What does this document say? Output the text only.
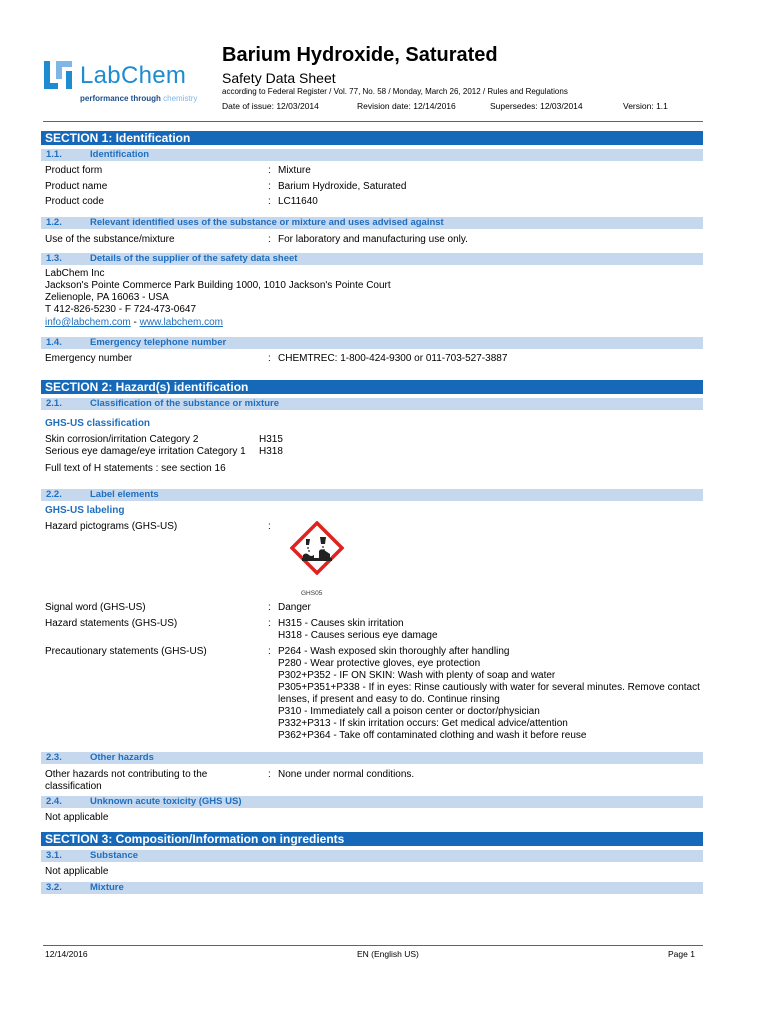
LabChem
performance through chemistry
Barium Hydroxide, Saturated
Safety Data Sheet
according to Federal Register / Vol. 77, No. 58 / Monday, March 26, 2012 / Rules and Regulations
Date of issue: 12/03/2014	Revision date: 12/14/2016	Supersedes: 12/03/2014	Version: 1.1
SECTION 1: Identification
1.1.	Identification
Product form	: Mixture
Product name	: Barium Hydroxide, Saturated
Product code	: LC11640
1.2.	Relevant identified uses of the substance or mixture and uses advised against
Use of the substance/mixture	: For laboratory and manufacturing use only.
1.3.	Details of the supplier of the safety data sheet
LabChem Inc
Jackson's Pointe Commerce Park Building 1000, 1010 Jackson's Pointe Court
Zelienople, PA 16063 - USA
T 412-826-5230 - F 724-473-0647
info@labchem.com - www.labchem.com
1.4.	Emergency telephone number
Emergency number	: CHEMTREC: 1-800-424-9300 or 011-703-527-3887
SECTION 2: Hazard(s) identification
2.1.	Classification of the substance or mixture
GHS-US classification
Skin corrosion/irritation Category 2	H315
Serious eye damage/eye irritation Category 1 H318
Full text of H statements : see section 16
2.2.	Label elements
GHS-US labeling
Hazard pictograms (GHS-US)	:
GHS05
Signal word (GHS-US)	: Danger
Hazard statements (GHS-US)	: H315 - Causes skin irritation
H318 - Causes serious eye damage
Precautionary statements (GHS-US)	: P264 - Wash exposed skin thoroughly after handling
P280 - Wear protective gloves, eye protection
P302+P352 - IF ON SKIN: Wash with plenty of soap and water
P305+P351+P338 - If in eyes: Rinse cautiously with water for several minutes. Remove contact
lenses, if present and easy to do. Continue rinsing
P310 - Immediately call a poison center or doctor/physician
P332+P313 - If skin irritation occurs: Get medical advice/attention
P362+P364 - Take off contaminated clothing and wash it before reuse
2.3.	Other hazards
Other hazards not contributing to the
classification
: None under normal conditions.
2.4.	Unknown acute toxicity (GHS US)
Not applicable
SECTION 3: Composition/Information on ingredients
3.1.	Substance
Not applicable
3.2.	Mixture
12/14/2016	EN (English US)	Page 1
